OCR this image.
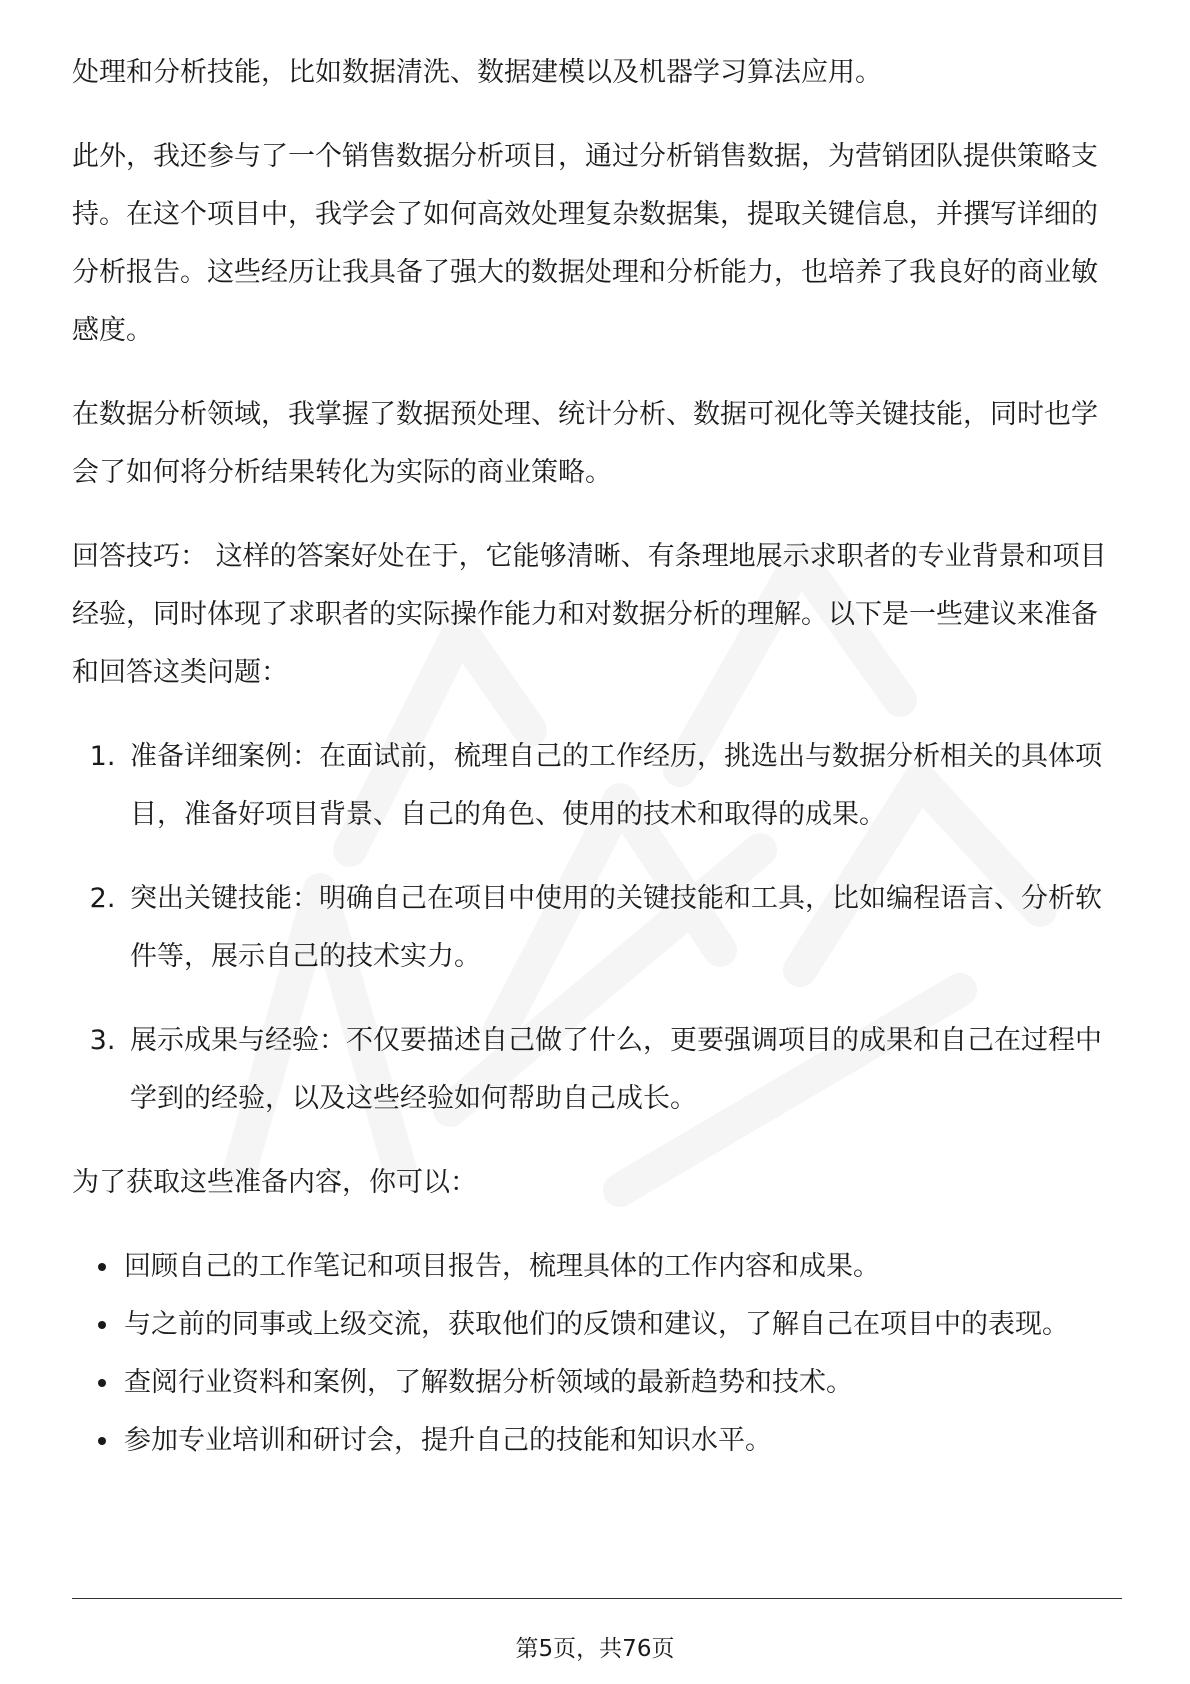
处理和分析技能，比如数据清洗、数据建模以及机器学习算法应用。

此外，我还参与了一个销售数据分析项目，通过分析销售数据，为营销团队提供策略支持。在这个项目中，我学会了如何高效处理复杂数据集，提取关键信息，并撰写详细的分析报告。这些经历让我具备了强大的数据处理和分析能力，也培养了我良好的商业敏感度。

在数据分析领域，我掌握了数据预处理、统计分析、数据可视化等关键技能，同时也学会了如何将分析结果转化为实际的商业策略。

回答技巧： 这样的答案好处在于，它能够清晰、有条理地展示求职者的专业背景和项目经验，同时体现了求职者的实际操作能力和对数据分析的理解。以下是一些建议来准备和回答这类问题：

1. 准备详细案例：在面试前，梳理自己的工作经历，挑选出与数据分析相关的具体项目，准备好项目背景、自己的角色、使用的技术和取得的成果。
2. 突出关键技能：明确自己在项目中使用的关键技能和工具，比如编程语言、分析软件等，展示自己的技术实力。
3. 展示成果与经验：不仅要描述自己做了什么，更要强调项目的成果和自己在过程中学到的经验，以及这些经验如何帮助自己成长。

为了获取这些准备内容，你可以：

回顾自己的工作笔记和项目报告，梳理具体的工作内容和成果。
与之前的同事或上级交流，获取他们的反馈和建议，了解自己在项目中的表现。
查阅行业资料和案例，了解数据分析领域的最新趋势和技术。
参加专业培训和研讨会，提升自己的技能和知识水平。
第5页，共76页
